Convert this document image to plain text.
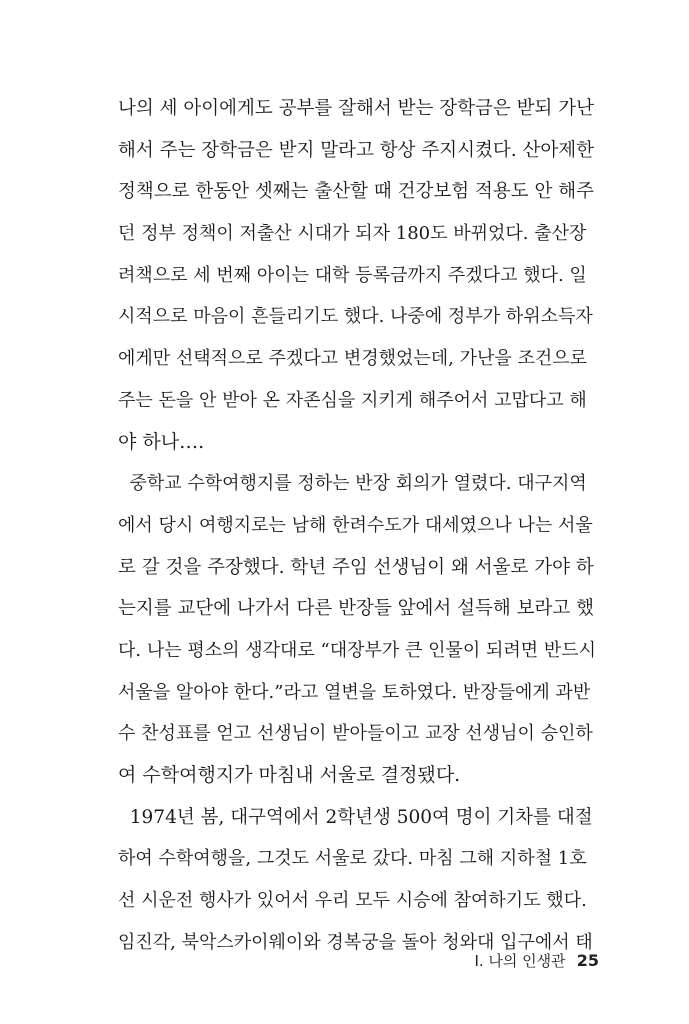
나의 세 아이에게도 공부를 잘해서 받는 장학금은 받되 가난
해서 주는 장학금은 받지 말라고 항상 주지시켰다. 산아제한
정책으로 한동안 셋째는 출산할 때 건강보험 적용도 안 해주
던 정부 정책이 저출산 시대가 되자 180도 바뀌었다. 출산장
려책으로 세 번째 아이는 대학 등록금까지 주겠다고 했다. 일
시적으로 마음이 흔들리기도 했다. 나중에 정부가 하위소득자
에게만 선택적으로 주겠다고 변경했었는데, 가난을 조건으로
주는 돈을 안 받아 온 자존심을 지키게 해주어서 고맙다고 해
야 하나….
중학교 수학여행지를 정하는 반장 회의가 열렸다. 대구지역
에서 당시 여행지로는 남해 한려수도가 대세였으나 나는 서울
로 갈 것을 주장했다. 학년 주임 선생님이 왜 서울로 가야 하
는지를 교단에 나가서 다른 반장들 앞에서 설득해 보라고 했
다. 나는 평소의 생각대로 “대장부가 큰 인물이 되려면 반드시
서울을 알아야 한다.”라고 열변을 토하였다. 반장들에게 과반
수 찬성표를 얻고 선생님이 받아들이고 교장 선생님이 승인하
여 수학여행지가 마침내 서울로 결정됐다.
1974년 봄, 대구역에서 2학년생 500여 명이 기차를 대절
하여 수학여행을, 그것도 서울로 갔다. 마침 그해 지하철 1호
선 시운전 행사가 있어서 우리 모두 시승에 참여하기도 했다.
임진각, 북악스카이웨이와 경복궁을 돌아 청와대 입구에서 태
Ⅰ. 나의 인생관 25
